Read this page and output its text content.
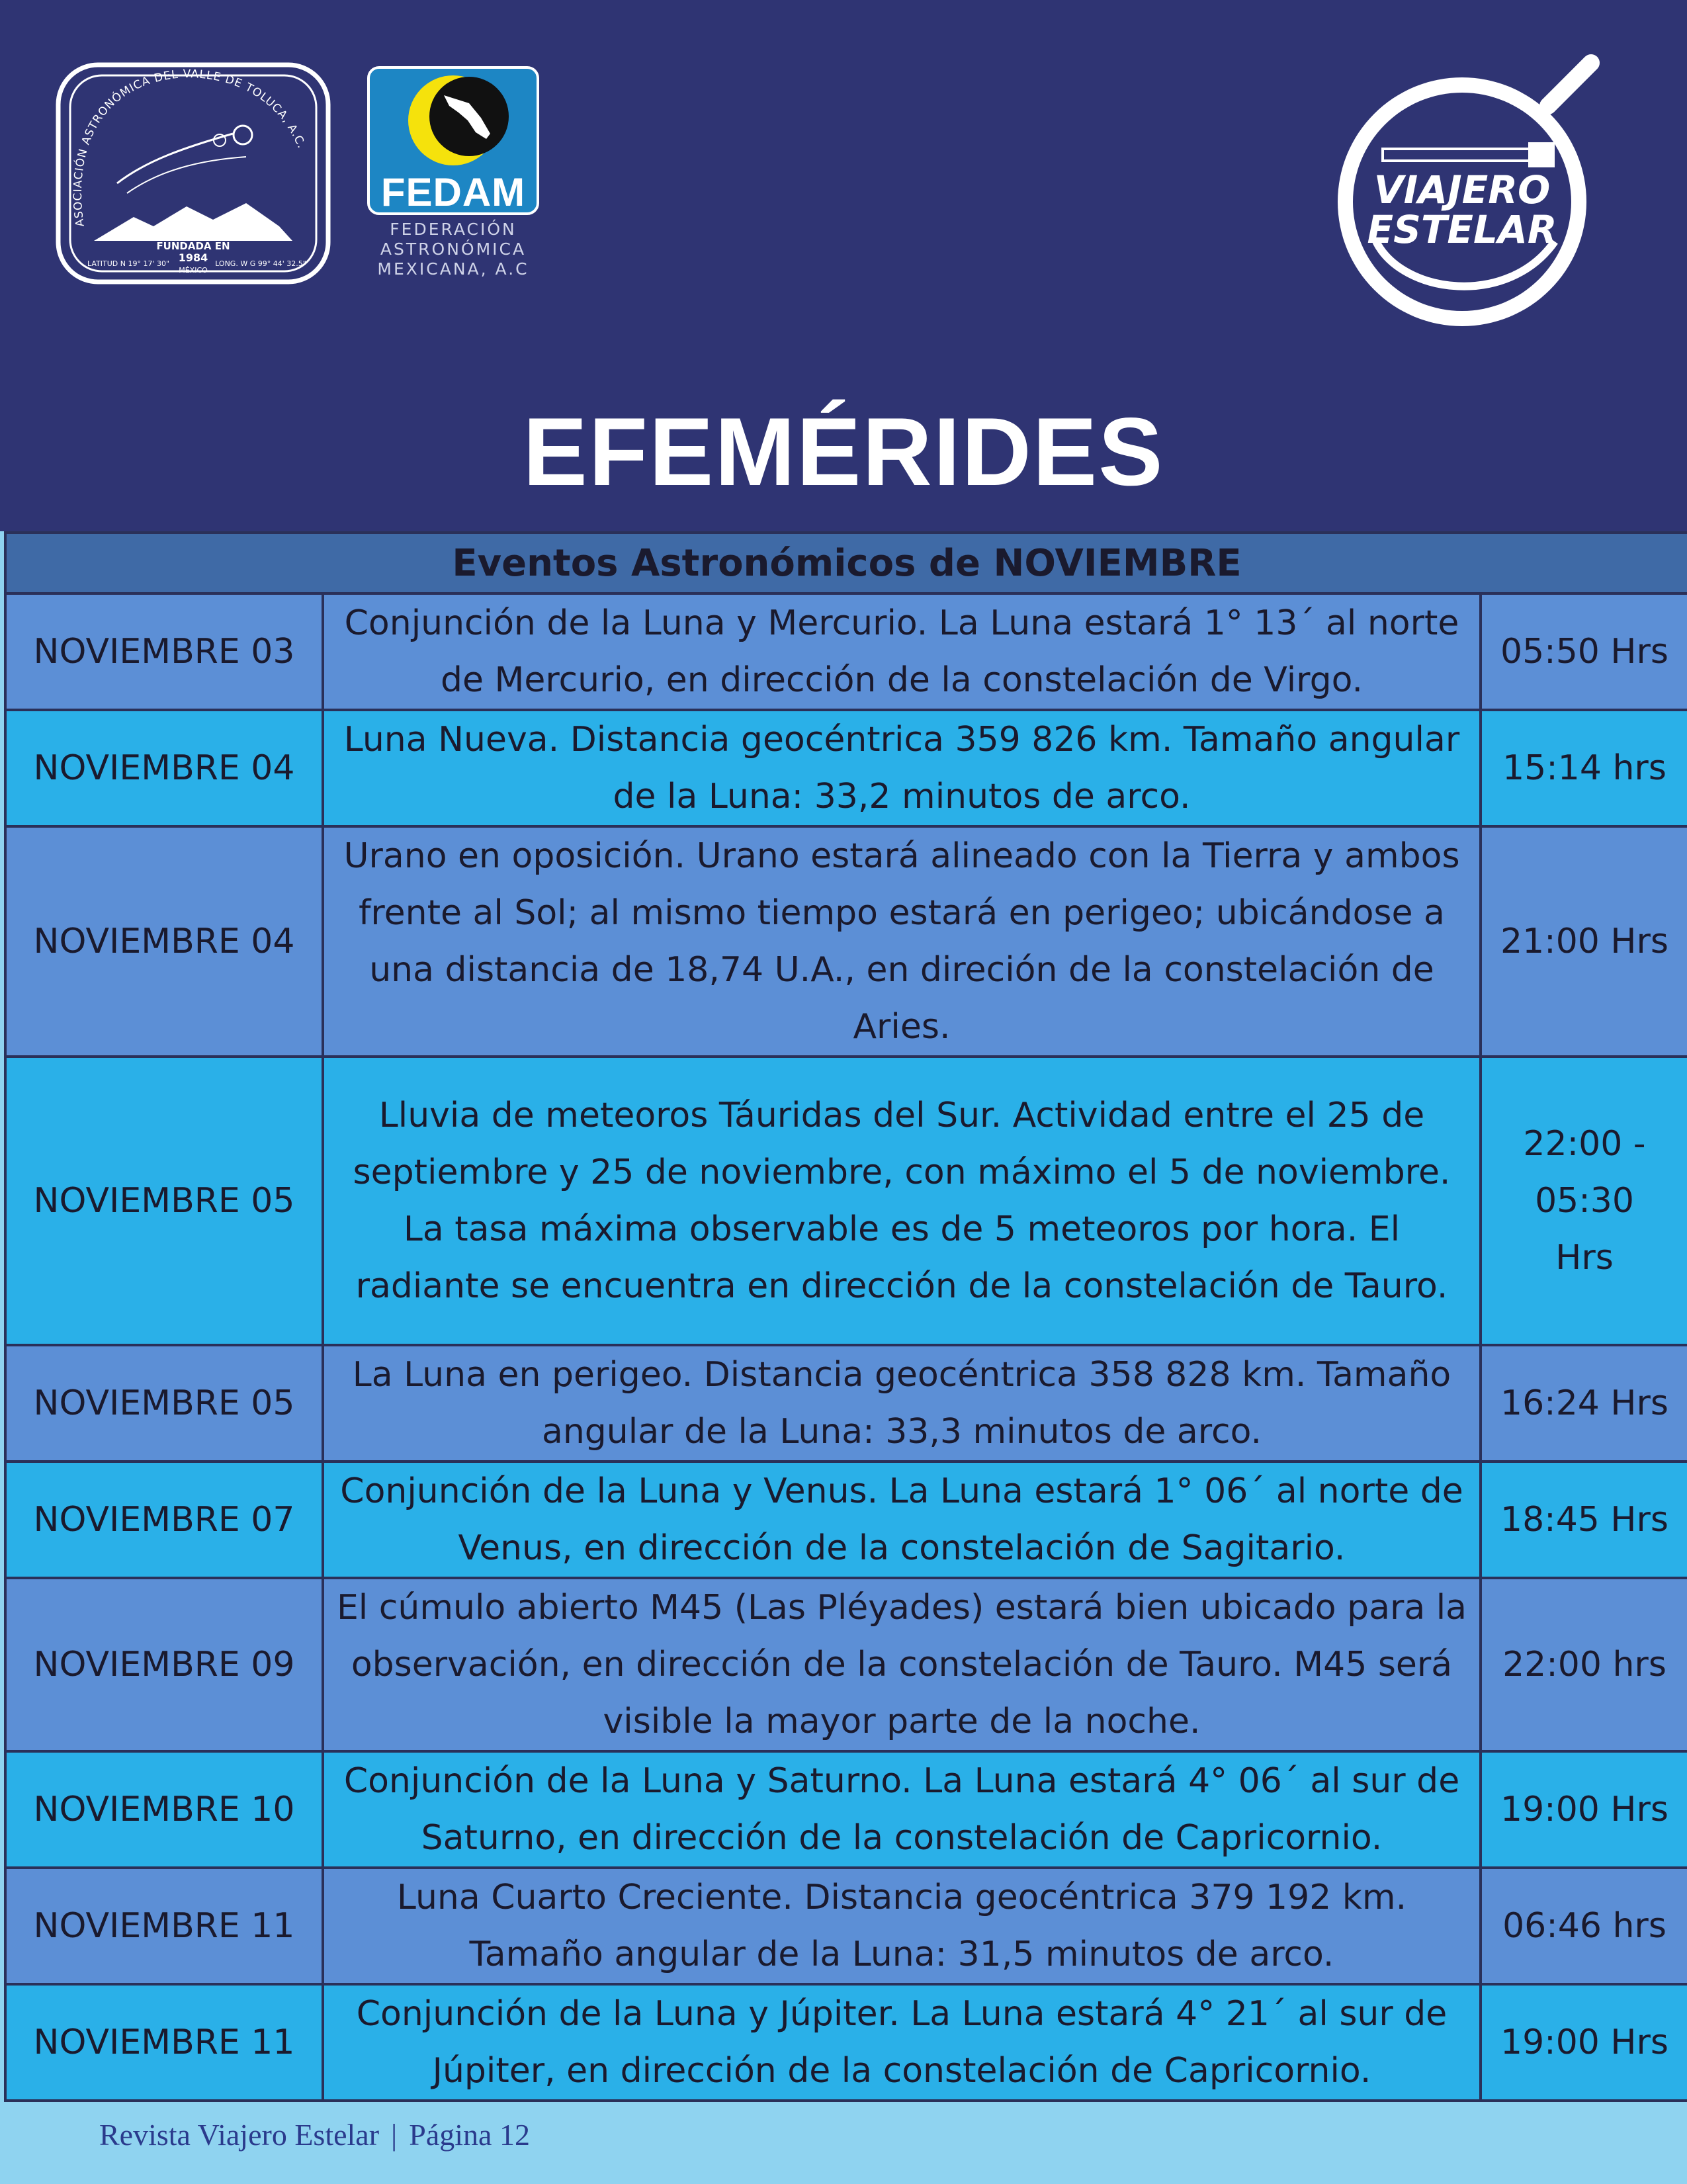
ASOCIACIÓN ASTRONÓMICA DEL VALLE DE TOLUCA, A.C.
FUNDADA EN
1984
MÉXICO
LATITUD N 19° 17' 30"	LONG. W G 99° 44' 32.5"
FEDAM
FEDERACIÓN
ASTRONÓMICA
MEXICANA, A.C
VIAJERO
ESTELAR
EFEMÉRIDES
Eventos Astronómicos de NOVIEMBRE		
NOVIEMBRE 03	Conjunción de la Luna y Mercurio. La Luna estará 1° 13´ al norte de Mercurio, en dirección de la constelación de Virgo.	05:50 Hrs
NOVIEMBRE 04	Luna Nueva. Distancia geocéntrica 359 826 km. Tamaño angular de la Luna: 33,2 minutos de arco.	15:14 hrs
NOVIEMBRE 04	Urano en oposición. Urano estará alineado con la Tierra y ambos frente al Sol; al mismo tiempo estará en perigeo; ubicándose a una distancia de 18,74 U.A., en direción de la constelación de Aries.	21:00 Hrs
NOVIEMBRE 05	Lluvia de meteoros Táuridas del Sur. Actividad entre el 25 de septiembre y 25 de noviembre, con máximo el 5 de noviembre. La tasa máxima observable es de 5 meteoros por hora. El radiante se encuentra en dirección de la constelación de Tauro.	22:00 - 05:30 Hrs
NOVIEMBRE 05	La Luna en perigeo. Distancia geocéntrica 358 828 km. Tamaño angular de la Luna: 33,3 minutos de arco.	16:24 Hrs
NOVIEMBRE 07	Conjunción de la Luna y Venus. La Luna estará 1° 06´ al norte de Venus, en dirección de la constelación de Sagitario.	18:45 Hrs
NOVIEMBRE 09	El cúmulo abierto M45 (Las Pléyades) estará bien ubicado para la observación, en dirección de la constelación de Tauro. M45 será visible la mayor parte de la noche.	22:00 hrs
NOVIEMBRE 10	Conjunción de la Luna y Saturno. La Luna estará 4° 06´ al sur de Saturno, en dirección de la constelación de Capricornio.	19:00 Hrs
NOVIEMBRE 11	Luna Cuarto Creciente. Distancia geocéntrica 379 192 km. Tamaño angular de la Luna: 31,5 minutos de arco.	06:46 hrs
NOVIEMBRE 11	Conjunción de la Luna y Júpiter. La Luna estará 4° 21´ al sur de Júpiter, en dirección de la constelación de Capricornio.	19:00 Hrs
Revista Viajero Estelar | Página 12
